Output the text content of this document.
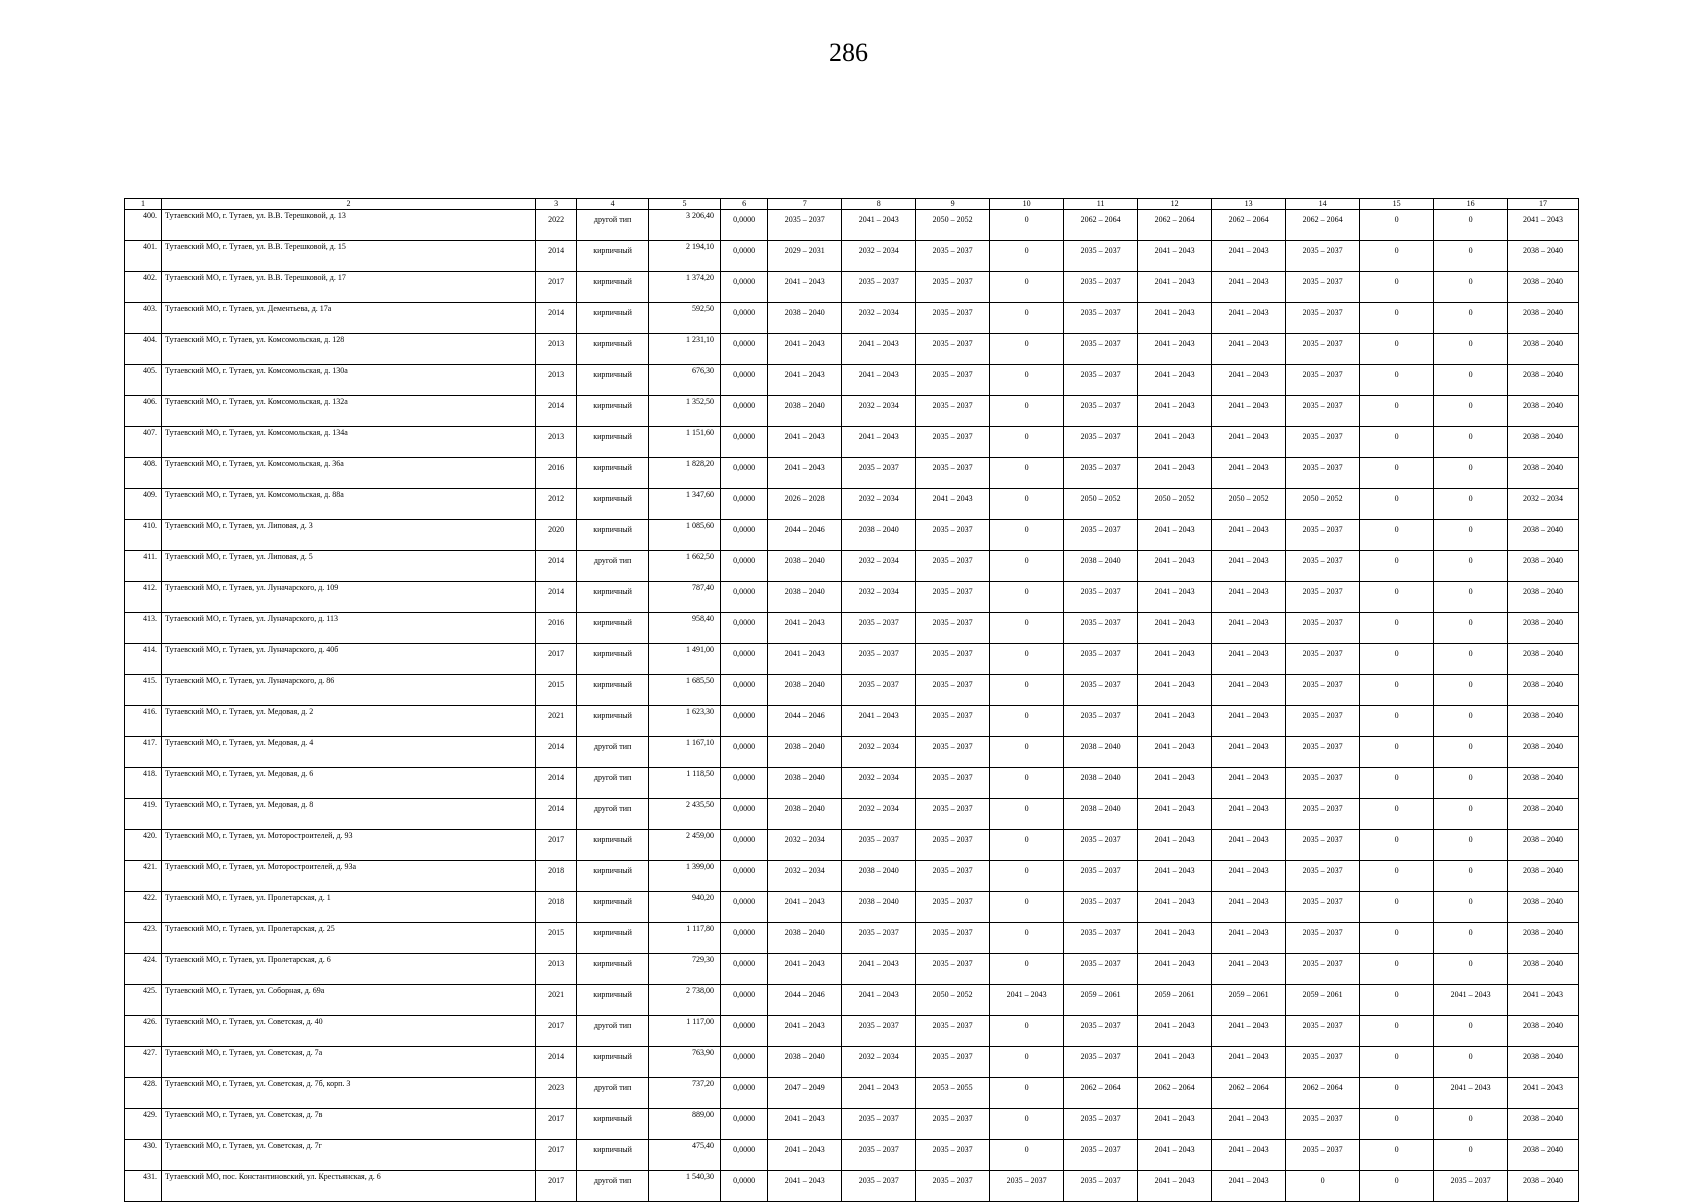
286
1	2	3	4	5	6	7	8	9	10	11	12	13	14	15	16	17
400.	Тутаевский МО, г. Тутаев, ул. В.В. Терешковой, д. 13	2022	другой тип	3 206,40	0,0000	2035 – 2037	2041 – 2043	2050 – 2052	0	2062 – 2064	2062 – 2064	2062 – 2064	2062 – 2064	0	0	2041 – 2043
401.	Тутаевский МО, г. Тутаев, ул. В.В. Терешковой, д. 15	2014	кирпичный	2 194,10	0,0000	2029 – 2031	2032 – 2034	2035 – 2037	0	2035 – 2037	2041 – 2043	2041 – 2043	2035 – 2037	0	0	2038 – 2040
402.	Тутаевский МО, г. Тутаев, ул. В.В. Терешковой, д. 17	2017	кирпичный	1 374,20	0,0000	2041 – 2043	2035 – 2037	2035 – 2037	0	2035 – 2037	2041 – 2043	2041 – 2043	2035 – 2037	0	0	2038 – 2040
403.	Тутаевский МО, г. Тутаев, ул. Дементьева, д. 17а	2014	кирпичный	592,50	0,0000	2038 – 2040	2032 – 2034	2035 – 2037	0	2035 – 2037	2041 – 2043	2041 – 2043	2035 – 2037	0	0	2038 – 2040
404.	Тутаевский МО, г. Тутаев, ул. Комсомольская, д. 128	2013	кирпичный	1 231,10	0,0000	2041 – 2043	2041 – 2043	2035 – 2037	0	2035 – 2037	2041 – 2043	2041 – 2043	2035 – 2037	0	0	2038 – 2040
405.	Тутаевский МО, г. Тутаев, ул. Комсомольская, д. 130а	2013	кирпичный	676,30	0,0000	2041 – 2043	2041 – 2043	2035 – 2037	0	2035 – 2037	2041 – 2043	2041 – 2043	2035 – 2037	0	0	2038 – 2040
406.	Тутаевский МО, г. Тутаев, ул. Комсомольская, д. 132а	2014	кирпичный	1 352,50	0,0000	2038 – 2040	2032 – 2034	2035 – 2037	0	2035 – 2037	2041 – 2043	2041 – 2043	2035 – 2037	0	0	2038 – 2040
407.	Тутаевский МО, г. Тутаев, ул. Комсомольская, д. 134а	2013	кирпичный	1 151,60	0,0000	2041 – 2043	2041 – 2043	2035 – 2037	0	2035 – 2037	2041 – 2043	2041 – 2043	2035 – 2037	0	0	2038 – 2040
408.	Тутаевский МО, г. Тутаев, ул. Комсомольская, д. 36а	2016	кирпичный	1 828,20	0,0000	2041 – 2043	2035 – 2037	2035 – 2037	0	2035 – 2037	2041 – 2043	2041 – 2043	2035 – 2037	0	0	2038 – 2040
409.	Тутаевский МО, г. Тутаев, ул. Комсомольская, д. 88а	2012	кирпичный	1 347,60	0,0000	2026 – 2028	2032 – 2034	2041 – 2043	0	2050 – 2052	2050 – 2052	2050 – 2052	2050 – 2052	0	0	2032 – 2034
410.	Тутаевский МО, г. Тутаев, ул. Липовая, д. 3	2020	кирпичный	1 085,60	0,0000	2044 – 2046	2038 – 2040	2035 – 2037	0	2035 – 2037	2041 – 2043	2041 – 2043	2035 – 2037	0	0	2038 – 2040
411.	Тутаевский МО, г. Тутаев, ул. Липовая, д. 5	2014	другой тип	1 662,50	0,0000	2038 – 2040	2032 – 2034	2035 – 2037	0	2038 – 2040	2041 – 2043	2041 – 2043	2035 – 2037	0	0	2038 – 2040
412.	Тутаевский МО, г. Тутаев, ул. Луначарского, д. 109	2014	кирпичный	787,40	0,0000	2038 – 2040	2032 – 2034	2035 – 2037	0	2035 – 2037	2041 – 2043	2041 – 2043	2035 – 2037	0	0	2038 – 2040
413.	Тутаевский МО, г. Тутаев, ул. Луначарского, д. 113	2016	кирпичный	958,40	0,0000	2041 – 2043	2035 – 2037	2035 – 2037	0	2035 – 2037	2041 – 2043	2041 – 2043	2035 – 2037	0	0	2038 – 2040
414.	Тутаевский МО, г. Тутаев, ул. Луначарского, д. 40б	2017	кирпичный	1 491,00	0,0000	2041 – 2043	2035 – 2037	2035 – 2037	0	2035 – 2037	2041 – 2043	2041 – 2043	2035 – 2037	0	0	2038 – 2040
415.	Тутаевский МО, г. Тутаев, ул. Луначарского, д. 86	2015	кирпичный	1 685,50	0,0000	2038 – 2040	2035 – 2037	2035 – 2037	0	2035 – 2037	2041 – 2043	2041 – 2043	2035 – 2037	0	0	2038 – 2040
416.	Тутаевский МО, г. Тутаев, ул. Медовая, д. 2	2021	кирпичный	1 623,30	0,0000	2044 – 2046	2041 – 2043	2035 – 2037	0	2035 – 2037	2041 – 2043	2041 – 2043	2035 – 2037	0	0	2038 – 2040
417.	Тутаевский МО, г. Тутаев, ул. Медовая, д. 4	2014	другой тип	1 167,10	0,0000	2038 – 2040	2032 – 2034	2035 – 2037	0	2038 – 2040	2041 – 2043	2041 – 2043	2035 – 2037	0	0	2038 – 2040
418.	Тутаевский МО, г. Тутаев, ул. Медовая, д. 6	2014	другой тип	1 118,50	0,0000	2038 – 2040	2032 – 2034	2035 – 2037	0	2038 – 2040	2041 – 2043	2041 – 2043	2035 – 2037	0	0	2038 – 2040
419.	Тутаевский МО, г. Тутаев, ул. Медовая, д. 8	2014	другой тип	2 435,50	0,0000	2038 – 2040	2032 – 2034	2035 – 2037	0	2038 – 2040	2041 – 2043	2041 – 2043	2035 – 2037	0	0	2038 – 2040
420.	Тутаевский МО, г. Тутаев, ул. Моторостроителей, д. 93	2017	кирпичный	2 459,00	0,0000	2032 – 2034	2035 – 2037	2035 – 2037	0	2035 – 2037	2041 – 2043	2041 – 2043	2035 – 2037	0	0	2038 – 2040
421.	Тутаевский МО, г. Тутаев, ул. Моторостроителей, д. 93а	2018	кирпичный	1 399,00	0,0000	2032 – 2034	2038 – 2040	2035 – 2037	0	2035 – 2037	2041 – 2043	2041 – 2043	2035 – 2037	0	0	2038 – 2040
422.	Тутаевский МО, г. Тутаев, ул. Пролетарская, д. 1	2018	кирпичный	940,20	0,0000	2041 – 2043	2038 – 2040	2035 – 2037	0	2035 – 2037	2041 – 2043	2041 – 2043	2035 – 2037	0	0	2038 – 2040
423.	Тутаевский МО, г. Тутаев, ул. Пролетарская, д. 25	2015	кирпичный	1 117,80	0,0000	2038 – 2040	2035 – 2037	2035 – 2037	0	2035 – 2037	2041 – 2043	2041 – 2043	2035 – 2037	0	0	2038 – 2040
424.	Тутаевский МО, г. Тутаев, ул. Пролетарская, д. 6	2013	кирпичный	729,30	0,0000	2041 – 2043	2041 – 2043	2035 – 2037	0	2035 – 2037	2041 – 2043	2041 – 2043	2035 – 2037	0	0	2038 – 2040
425.	Тутаевский МО, г. Тутаев, ул. Соборная, д. 69а	2021	кирпичный	2 738,00	0,0000	2044 – 2046	2041 – 2043	2050 – 2052	2041 – 2043	2059 – 2061	2059 – 2061	2059 – 2061	2059 – 2061	0	2041 – 2043	2041 – 2043
426.	Тутаевский МО, г. Тутаев, ул. Советская, д. 40	2017	другой тип	1 117,00	0,0000	2041 – 2043	2035 – 2037	2035 – 2037	0	2035 – 2037	2041 – 2043	2041 – 2043	2035 – 2037	0	0	2038 – 2040
427.	Тутаевский МО, г. Тутаев, ул. Советская, д. 7а	2014	кирпичный	763,90	0,0000	2038 – 2040	2032 – 2034	2035 – 2037	0	2035 – 2037	2041 – 2043	2041 – 2043	2035 – 2037	0	0	2038 – 2040
428.	Тутаевский МО, г. Тутаев, ул. Советская, д. 7б, корп. 3	2023	другой тип	737,20	0,0000	2047 – 2049	2041 – 2043	2053 – 2055	0	2062 – 2064	2062 – 2064	2062 – 2064	2062 – 2064	0	2041 – 2043	2041 – 2043
429.	Тутаевский МО, г. Тутаев, ул. Советская, д. 7в	2017	кирпичный	889,00	0,0000	2041 – 2043	2035 – 2037	2035 – 2037	0	2035 – 2037	2041 – 2043	2041 – 2043	2035 – 2037	0	0	2038 – 2040
430.	Тутаевский МО, г. Тутаев, ул. Советская, д. 7г	2017	кирпичный	475,40	0,0000	2041 – 2043	2035 – 2037	2035 – 2037	0	2035 – 2037	2041 – 2043	2041 – 2043	2035 – 2037	0	0	2038 – 2040
431.	Тутаевский МО, пос. Константиновский, ул. Крестьянская, д. 6	2017	другой тип	1 540,30	0,0000	2041 – 2043	2035 – 2037	2035 – 2037	2035 – 2037	2035 – 2037	2041 – 2043	2041 – 2043	0	0	2035 – 2037	2038 – 2040
